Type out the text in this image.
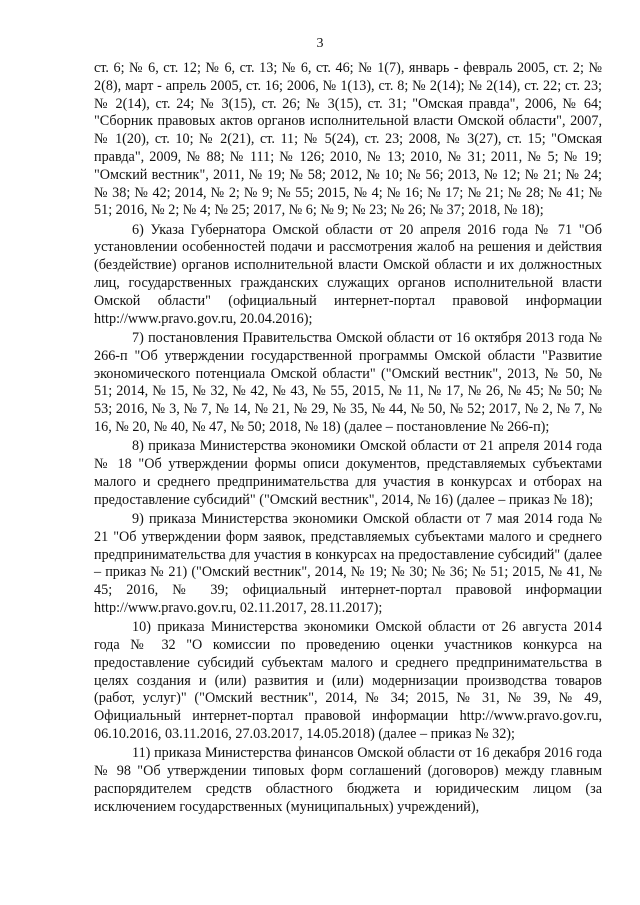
3

ст. 6; № 6, ст. 12; № 6, ст. 13; № 6, ст. 46; № 1(7), январь - февраль 2005, ст. 2; № 2(8), март - апрель 2005, ст. 16; 2006, № 1(13), ст. 8; № 2(14); № 2(14), ст. 22; ст. 23; № 2(14), ст. 24; № 3(15), ст. 26; № 3(15), ст. 31; "Омская правда", 2006, № 64; "Сборник правовых актов органов исполнительной власти Омской области", 2007, № 1(20), ст. 10; № 2(21), ст. 11; № 5(24), ст. 23; 2008, № 3(27), ст. 15; "Омская правда", 2009, № 88; № 111; № 126; 2010, № 13; 2010, № 31; 2011, № 5; № 19; "Омский вестник", 2011, № 19; № 58; 2012, № 10; № 56; 2013, № 12; № 21; № 24; № 38; № 42; 2014, № 2; № 9; № 55; 2015, № 4; № 16; № 17; № 21; № 28; № 41; № 51; 2016, № 2; № 4; № 25; 2017, № 6; № 9; № 23; № 26; № 37; 2018, № 18);

6) Указа Губернатора Омской области от 20 апреля 2016 года № 71 "Об установлении особенностей подачи и рассмотрения жалоб на решения и действия (бездействие) органов исполнительной власти Омской области и их должностных лиц, государственных гражданских служащих органов исполнительной власти Омской области" (официальный интернет-портал правовой информации http://www.pravo.gov.ru, 20.04.2016);

7) постановления Правительства Омской области от 16 октября 2013 года № 266-п "Об утверждении государственной программы Омской области "Развитие экономического потенциала Омской области" ("Омский вестник", 2013, № 50, № 51; 2014, № 15, № 32, № 42, № 43, № 55, 2015, № 11, № 17, № 26, № 45; № 50; № 53; 2016, № 3, № 7, № 14, № 21, № 29, № 35, № 44, № 50, № 52; 2017, № 2, № 7, № 16, № 20, № 40, № 47, № 50; 2018, № 18) (далее – постановление № 266-п);

8) приказа Министерства экономики Омской области от 21 апреля 2014 года № 18 "Об утверждении формы описи документов, представляемых субъектами малого и среднего предпринимательства для участия в конкурсах и отборах на предоставление субсидий" ("Омский вестник", 2014, № 16) (далее – приказ № 18);

9) приказа Министерства экономики Омской области от 7 мая 2014 года № 21 "Об утверждении форм заявок, представляемых субъектами малого и среднего предпринимательства для участия в конкурсах на предоставление субсидий" (далее – приказ № 21) ("Омский вестник", 2014, № 19; № 30; № 36; № 51; 2015, № 41, № 45; 2016, № 39; официальный интернет-портал правовой информации http://www.pravo.gov.ru, 02.11.2017, 28.11.2017);

10) приказа Министерства экономики Омской области от 26 августа 2014 года № 32 "О комиссии по проведению оценки участников конкурса на предоставление субсидий субъектам малого и среднего предпринимательства в целях создания и (или) развития и (или) модернизации производства товаров (работ, услуг)" ("Омский вестник", 2014, № 34; 2015, № 31, № 39, № 49, Официальный интернет-портал правовой информации http://www.pravo.gov.ru, 06.10.2016, 03.11.2016, 27.03.2017, 14.05.2018) (далее – приказ № 32);

11) приказа Министерства финансов Омской области от 16 декабря 2016 года № 98 "Об утверждении типовых форм соглашений (договоров) между главным распорядителем средств областного бюджета и юридическим лицом (за исключением государственных (муниципальных) учреждений),
